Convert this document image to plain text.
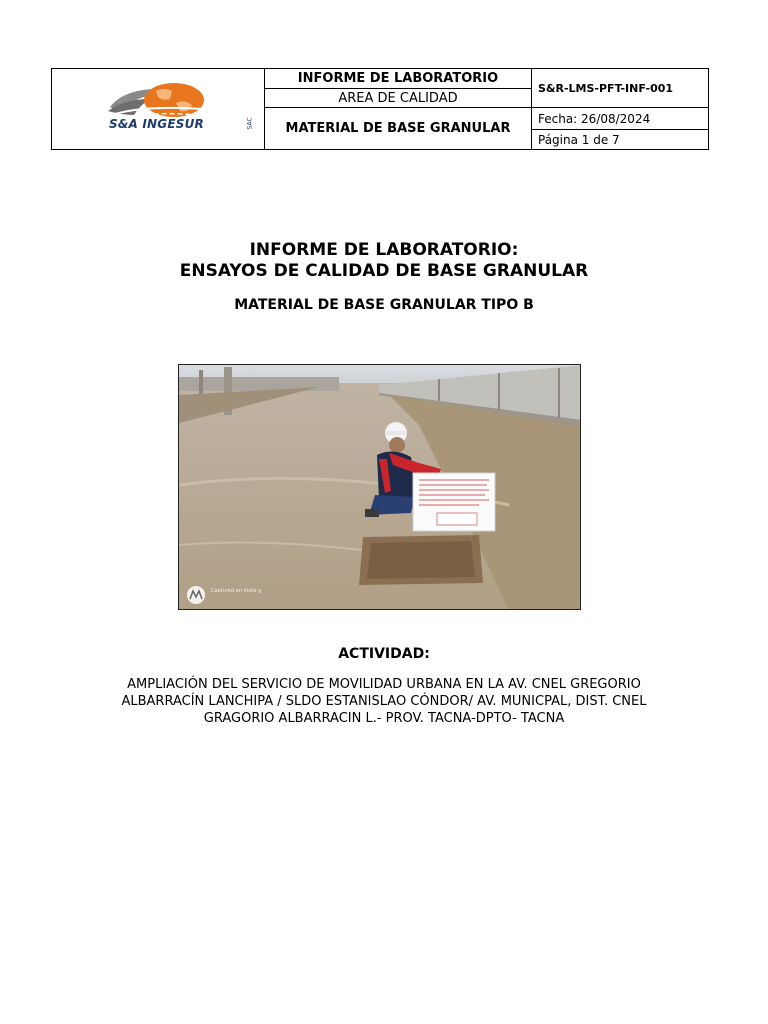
S&A INGESUR SAC	INFORME DE LABORATORIO	S&R-LMS-PFT-INF-001
	AREA DE CALIDAD	
	MATERIAL DE BASE GRANULAR	Fecha: 26/08/2024
		Página 1 de 7
INFORME DE LABORATORIO:
ENSAYOS DE CALIDAD DE BASE GRANULAR
MATERIAL DE BASE GRANULAR TIPO B
Captured on moto g
ACTIVIDAD:
AMPLIACIÓN DEL SERVICIO DE MOVILIDAD URBANA EN LA AV. CNEL GREGORIO
ALBARRACÍN LANCHIPA / SLDO ESTANISLAO CÓNDOR/ AV. MUNICPAL, DIST. CNEL
GRAGORIO ALBARRACIN L.- PROV. TACNA-DPTO- TACNA
